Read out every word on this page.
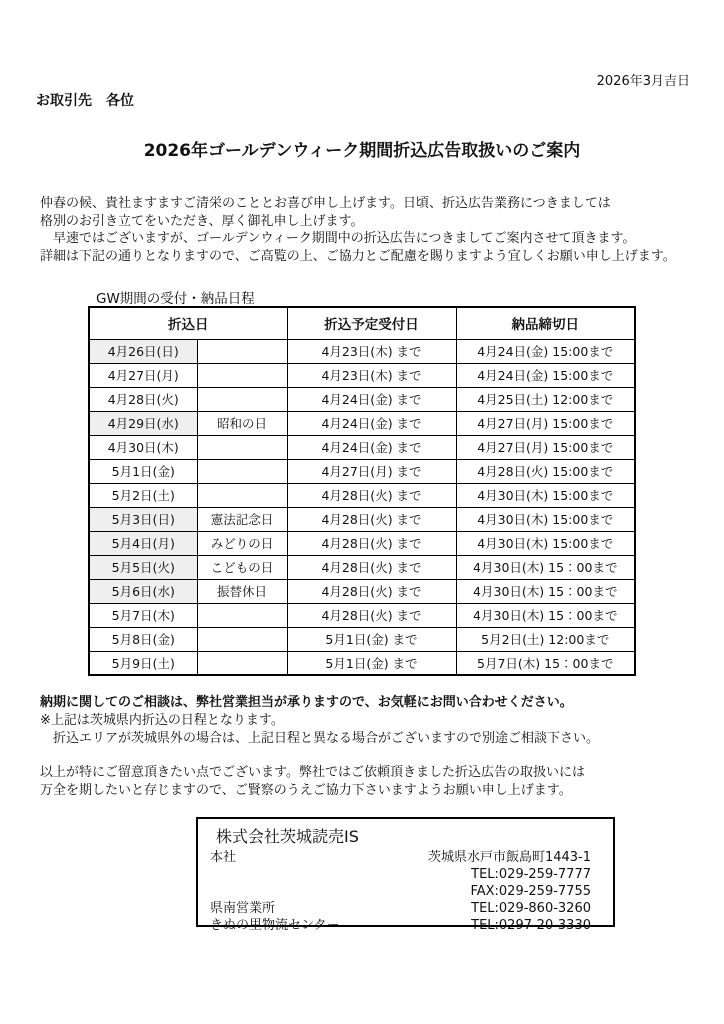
2026年3月吉日
お取引先　各位
2026年ゴールデンウィーク期間折込広告取扱いのご案内
仲春の候、貴社ますますご清栄のこととお喜び申し上げます。日頃、折込広告業務につきましては
格別のお引き立てをいただき、厚く御礼申し上げます。
　早速ではございますが、ゴールデンウィーク期間中の折込広告につきましてご案内させて頂きます。
詳細は下記の通りとなりますので、ご高覧の上、ご協力とご配慮を賜りますよう宜しくお願い申し上げます。
GW期間の受付・納品日程
折込日		折込予定受付日	納品締切日
4月26日(日)		4月23日(木) まで	4月24日(金) 15:00まで
4月27日(月)		4月23日(木) まで	4月24日(金) 15:00まで
4月28日(火)		4月24日(金) まで	4月25日(土) 12:00まで
4月29日(水)	昭和の日	4月24日(金) まで	4月27日(月) 15:00まで
4月30日(木)		4月24日(金) まで	4月27日(月) 15:00まで
5月1日(金)		4月27日(月) まで	4月28日(火) 15:00まで
5月2日(土)		4月28日(火) まで	4月30日(木) 15:00まで
5月3日(日)	憲法記念日	4月28日(火) まで	4月30日(木) 15:00まで
5月4日(月)	みどりの日	4月28日(火) まで	4月30日(木) 15:00まで
5月5日(火)	こどもの日	4月28日(火) まで	4月30日(木) 15：00まで
5月6日(水)	振替休日	4月28日(火) まで	4月30日(木) 15：00まで
5月7日(木)		4月28日(火) まで	4月30日(木) 15：00まで
5月8日(金)		5月1日(金) まで	5月2日(土) 12:00まで
5月9日(土)		5月1日(金) まで	5月7日(木) 15：00まで
納期に関してのご相談は、弊社営業担当が承りますので、お気軽にお問い合わせください。
※上記は茨城県内折込の日程となります。
　折込エリアが茨城県外の場合は、上記日程と異なる場合がございますので別途ご相談下さい。
以上が特にご留意頂きたい点でございます。弊社ではご依頼頂きました折込広告の取扱いには
万全を期したいと存じますので、ご賢察のうえご協力下さいますようお願い申し上げます。
株式会社茨城読売IS
本社	茨城県水戸市飯島町1443-1
TEL:029-259-7777
FAX:029-259-7755
県南営業所	TEL:029-860-3260
きぬの里物流センター	TEL:0297-20-3330
